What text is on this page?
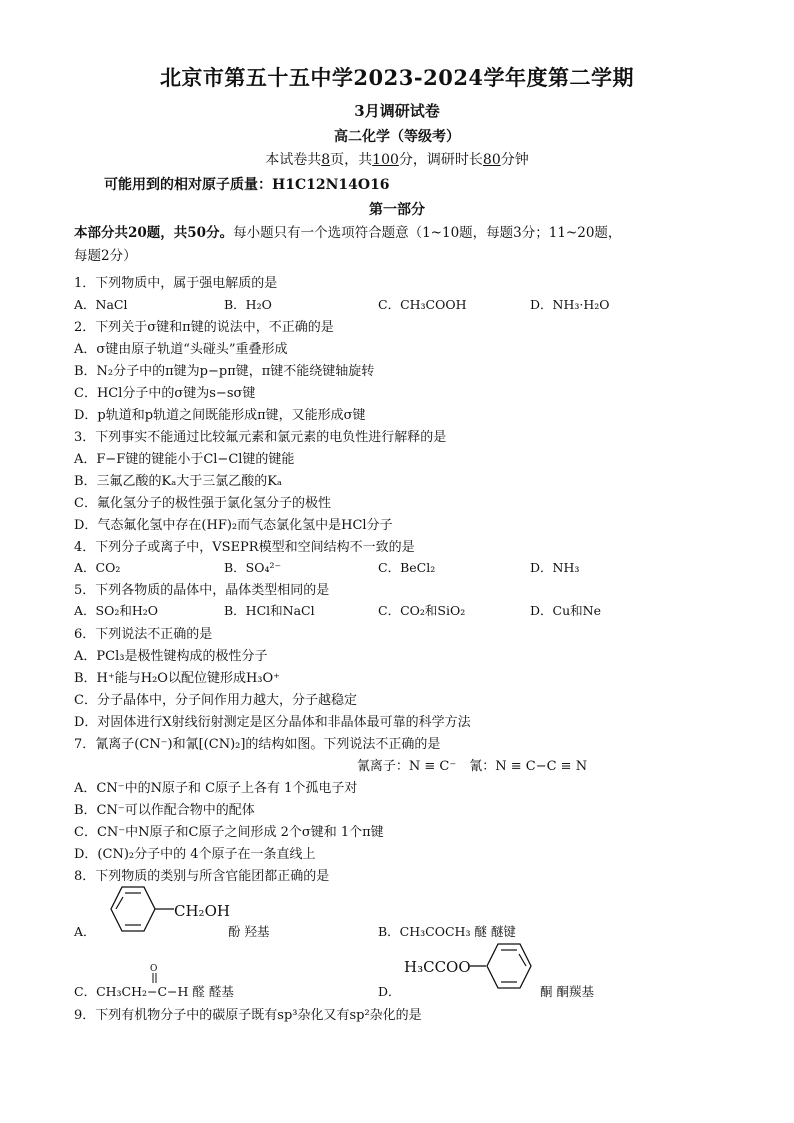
北京市第五十五中学2023-2024学年度第二学期
3月调研试卷
高二化学（等级考）
本试卷共8页，共100分，调研时长80分钟
可能用到的相对原子质量：H1C12N14O16
第一部分
本部分共20题，共50分。每小题只有一个选项符合题意（1~10题，每题3分；11~20题，
每题2分）
1．下列物质中，属于强电解质的是
A．NaCl	B．H₂O	C．CH₃COOH	D．NH₃·H₂O
2．下列关于σ键和π键的说法中，不正确的是
A．σ键由原子轨道“头碰头”重叠形成
B．N₂分子中的π键为p−pπ键，π键不能绕键轴旋转
C．HCl分子中的σ键为s−sσ键
D．p轨道和p轨道之间既能形成π键，又能形成σ键
3．下列事实不能通过比较氟元素和氯元素的电负性进行解释的是
A．F−F键的键能小于Cl−Cl键的键能
B．三氟乙酸的Kₐ大于三氯乙酸的Kₐ
C．氟化氢分子的极性强于氯化氢分子的极性
D．气态氟化氢中存在(HF)₂而气态氯化氢中是HCl分子
4．下列分子或离子中，VSEPR模型和空间结构不一致的是
A．CO₂	B．SO₄²⁻	C．BeCl₂	D．NH₃
5．下列各物质的晶体中，晶体类型相同的是
A．SO₂和H₂O	B．HCl和NaCl	C．CO₂和SiO₂	D．Cu和Ne
6．下列说法不正确的是
A．PCl₃是极性键构成的极性分子
B．H⁺能与H₂O以配位键形成H₃O⁺
C．分子晶体中，分子间作用力越大，分子越稳定
D．对固体进行X射线衍射测定是区分晶体和非晶体最可靠的科学方法
7．氰离子(CN⁻)和氰[(CN)₂]的结构如图。下列说法不正确的是
氰离子：N ≡ C⁻　氰：N ≡ C−C ≡ N
A．CN⁻中的N原子和 C原子上各有 1个孤电子对
B．CN⁻可以作配合物中的配体
C．CN⁻中N原子和C原子之间形成 2个σ键和 1个π键
D．(CN)₂分子中的 4个原子在一条直线上
8．下列物质的类别与所含官能团都正确的是
A．
CH₂OH
酚 羟基	B．CH₃COCH₃ 醚 醚键
O
C．CH₃CH₂−C−H 醛 醛基	D．
H₃CCOO
酮 酮羰基
9．下列有机物分子中的碳原子既有sp³杂化又有sp²杂化的是
